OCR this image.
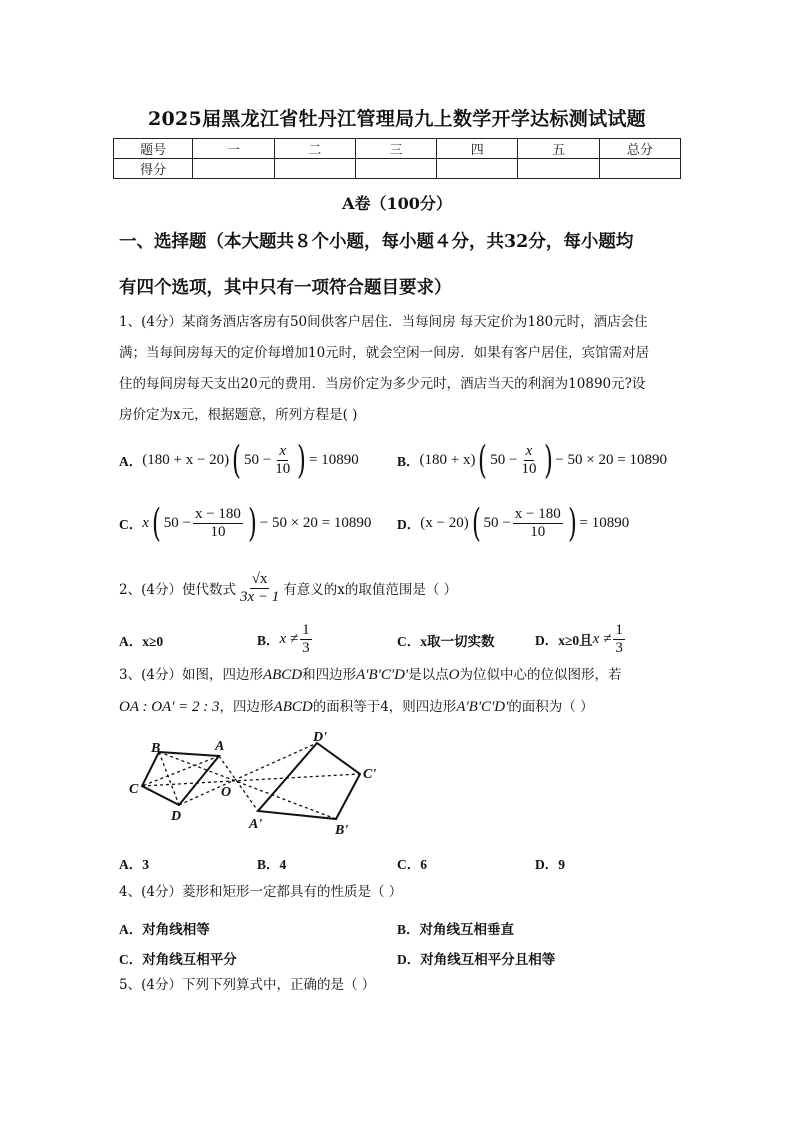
2025届黑龙江省牡丹江管理局九上数学开学达标测试试题
题号	一	二	三	四	五	总分
得分						
A卷（100分）
一、选择题（本大题共８个小题，每小题４分，共32分，每小题均
有四个选项，其中只有一项符合题目要求）
1、(4分）某商务酒店客房有50间供客户居住．当每间房 每天定价为180元时，酒店会住
满；当每间房每天的定价每增加10元时，就会空闲一间房．如果有客户居住，宾馆需对居
住的每间房每天支出20元的费用．当房价定为多少元时，酒店当天的利润为10890元?设
房价定为x元，根据题意，所列方程是( )
A． (180 + x − 20) ( $50 - \frac{x}{10}$ ) = 10890	B． (180 + x) ( $50 - \frac{x}{10}$ ) − 50 × 20 = 10890
C． x ( $50 - \frac{x - 180}{10}$ ) − 50 × 20 = 10890 D． (x − 20) ( $50 - \frac{x - 180}{10}$ ) = 10890
2、(4分）使代数式 $\frac{√x}{3x - 1}$ 有意义的x的取值范围是（ ）
A．x≥0	B． $x \ne \frac{1}{3}$	C．x取一切实数	D．x≥0且 $x \ne \frac{1}{3}$
3、(4分）如图，四边形ABCD和四边形A'B'C'D'是以点O为位似中心的位似图形，若
OA : OA' = 2 : 3，四边形ABCD的面积等于4，则四边形A'B'C'D'的面积为（ ）
B	A
C	O
D
D'
C'
A'	B'
A．3	B．4	C．6	D．9
4、(4分）菱形和矩形一定都具有的性质是（ ）
A．对角线相等	B．对角线互相垂直
C．对角线互相平分	D．对角线互相平分且相等
5、(4分）下列下列算式中，正确的是（ ）
